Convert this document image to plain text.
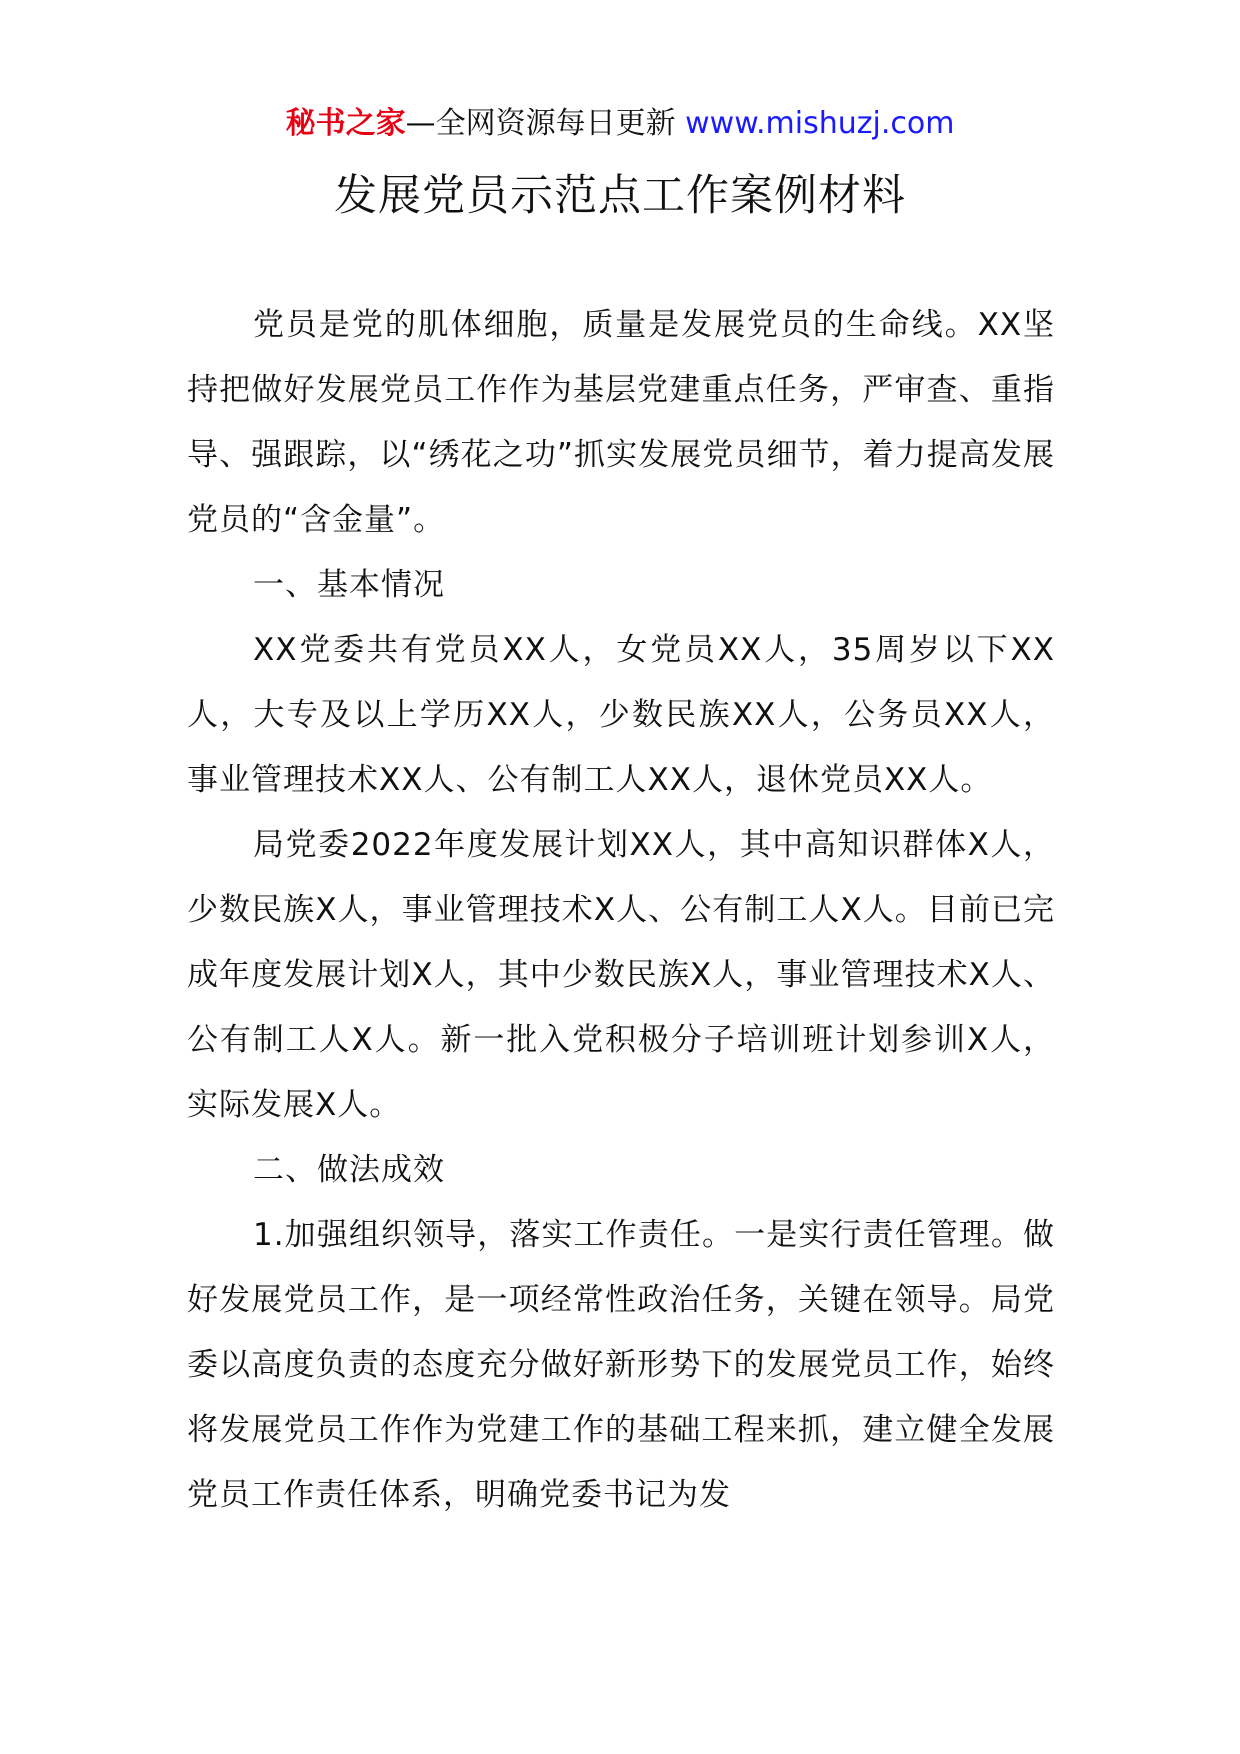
秘书之家—全网资源每日更新 www.mishuzj.com
发展党员示范点工作案例材料

党员是党的肌体细胞，质量是发展党员的生命线。XX坚持把做好发展党员工作作为基层党建重点任务，严审查、重指导、强跟踪，以“绣花之功”抓实发展党员细节，着力提高发展党员的“含金量”。

一、基本情况

XX党委共有党员XX人，女党员XX人，35周岁以下XX人，大专及以上学历XX人，少数民族XX人，公务员XX人，事业管理技术XX人、公有制工人XX人，退休党员XX人。

局党委2022年度发展计划XX人，其中高知识群体X人，少数民族X人，事业管理技术X人、公有制工人X人。目前已完成年度发展计划X人，其中少数民族X人，事业管理技术X人、公有制工人X人。新一批入党积极分子培训班计划参训X人，实际发展X人。

二、做法成效

1.加强组织领导，落实工作责任。一是实行责任管理。做好发展党员工作，是一项经常性政治任务，关键在领导。局党委以高度负责的态度充分做好新形势下的发展党员工作，始终将发展党员工作作为党建工作的基础工程来抓，建立健全发展党员工作责任体系，明确党委书记为发
